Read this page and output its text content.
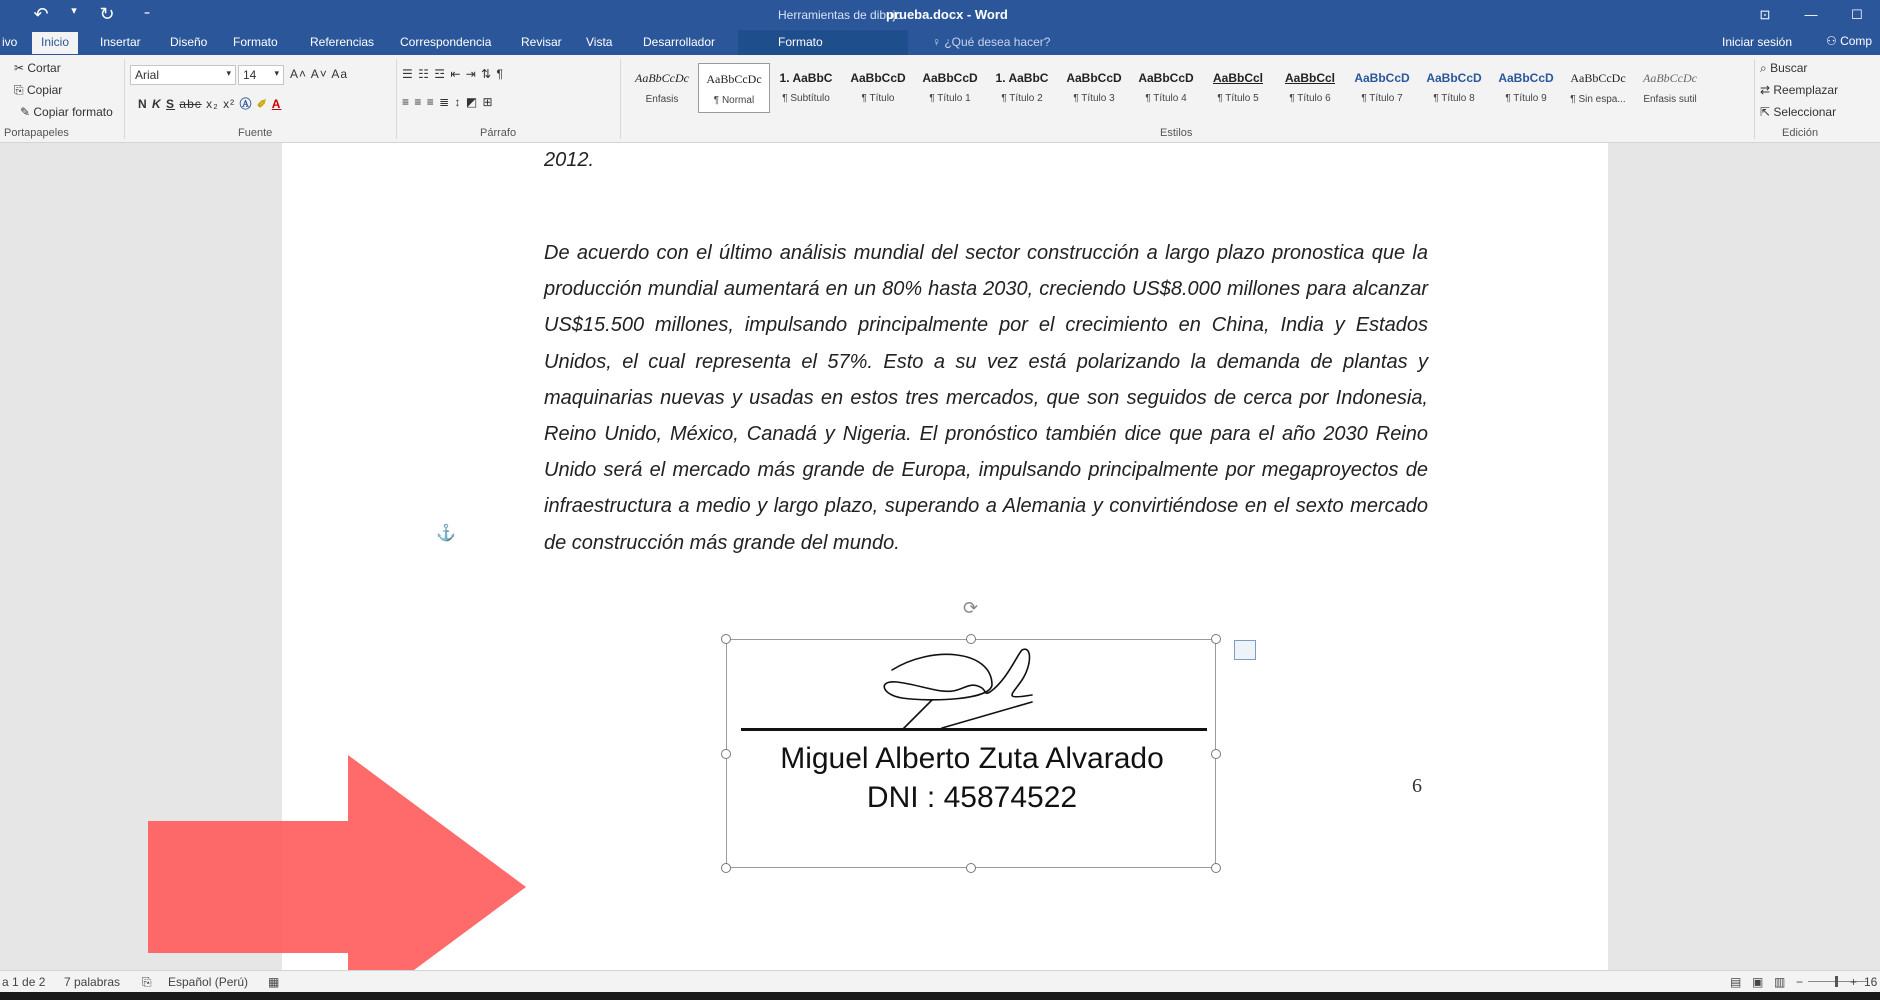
↶	▾ ↻	₌	Herramientas de dibujo
prueba.docx - Word	⊡	—	☐
ivo	Inicio	Insertar Diseño Formato	Referencias Correspondencia Revisar Vista	Desarrollador	Formato	♀ ¿Qué desea hacer?	Iniciar sesión	⚇ Comp
✂ Cortar
⎘ Copiar
✎ Copiar formato
Portapapeles
Arial	▾	14 ▾ A˄ A˅ Aa
N K S abc x₂ x² Ⓐ ✐ A
Fuente
☰ ☷ ☲ ⇤ ⇥ ⇅ ¶
≡ ≡ ≡ ≣ ↕ ◩ ⊞
Párrafo
AaBbCcDc
Énfasis
AaBbCcDc
¶ Normal
1. AaBbC
¶ Subtítulo
AaBbCcD
¶ Título
AaBbCcD
¶ Título 1
1. AaBbC
¶ Título 2
AaBbCcD
¶ Título 3
AaBbCcD
¶ Título 4
AaBbCcl
¶ Título 5
AaBbCcl
¶ Título 6
AaBbCcD
¶ Título 7
AaBbCcD
¶ Título 8
AaBbCcD
¶ Título 9
AaBbCcDc
¶ Sin espa...
AaBbCcDc
Énfasis sutil
Estilos
⌕ Buscar
⇄ Reemplazar
⇱ Seleccionar
Edición
2012.
De acuerdo con el último análisis mundial del sector construcción a largo plazo pronostica que la producción mundial aumentará en un 80% hasta 2030, creciendo US$8.000 millones para alcanzar US$15.500 millones, impulsando principalmente por el crecimiento en China, India y Estados Unidos, el cual representa el 57%. Esto a su vez está polarizando la demanda de plantas y maquinarias nuevas y usadas en estos tres mercados, que son seguidos de cerca por Indonesia, Reino Unido, México, Canadá y Nigeria. El pronóstico también dice que para el año 2030 Reino Unido será el mercado más grande de Europa, impulsando principalmente por megaproyectos de infraestructura a medio y largo plazo, superando a Alemania y convirtiéndose en el sexto mercado de construcción más grande del mundo.
⚓
⟳
Miguel Alberto Zuta Alvarado
DNI : 45874522	6
a 1 de 2 7 palabras ⎘ Español (Perú) ▦	▤ ▣ ▥ −	+ 16
